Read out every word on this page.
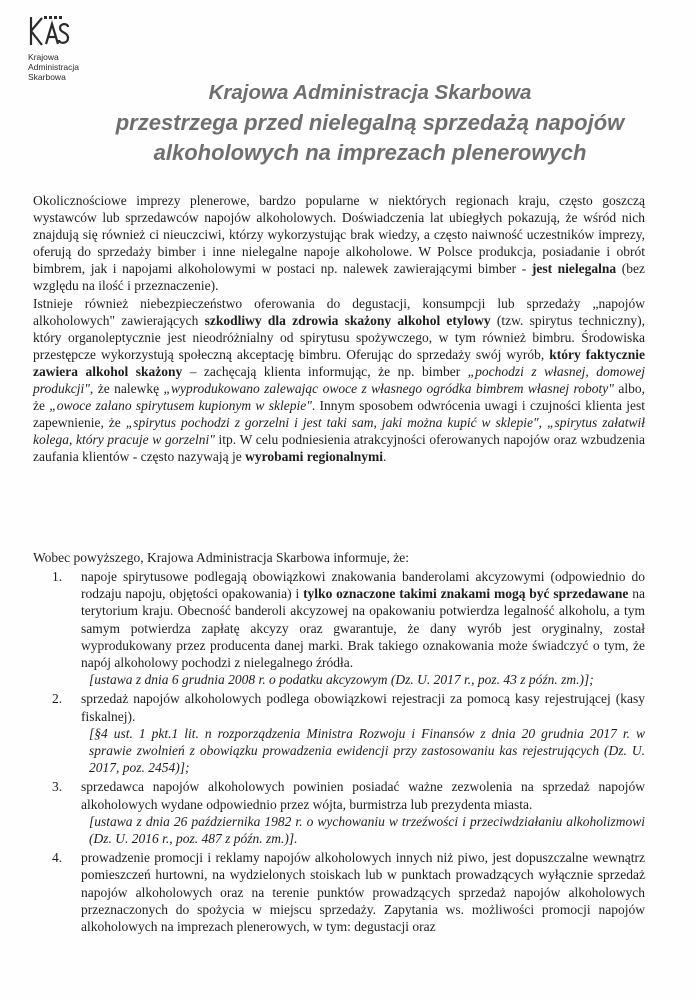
Krajowa Administracja
Skarbowa
Krajowa Administracja Skarbowa
przestrzega przed nielegalną sprzedażą napojów
alkoholowych na imprezach plenerowych

Okolicznościowe imprezy plenerowe, bardzo popularne w niektórych regionach kraju, często goszczą wystawców lub sprzedawców napojów alkoholowych. Doświadczenia lat ubiegłych pokazują, że wśród nich znajdują się również ci nieuczciwi, którzy wykorzystując brak wiedzy, a często naiwność uczestników imprezy, oferują do sprzedaży bimber i inne nielegalne napoje alkoholowe. W Polsce produkcja, posiadanie i obrót bimbrem, jak i napojami alkoholowymi w postaci np. nalewek zawierającymi bimber - jest nielegalna (bez względu na ilość i przeznaczenie).

Istnieje również niebezpieczeństwo oferowania do degustacji, konsumpcji lub sprzedaży „napojów alkoholowych" zawierających szkodliwy dla zdrowia skażony alkohol etylowy (tzw. spirytus techniczny), który organoleptycznie jest nieodróżnialny od spirytusu spożywczego, w tym również bimbru. Środowiska przestępcze wykorzystują społeczną akceptację bimbru. Oferując do sprzedaży swój wyrób, który faktycznie zawiera alkohol skażony – zachęcają klienta informując, że np. bimber „pochodzi z własnej, domowej produkcji", że nalewkę „wyprodukowano zalewając owoce z własnego ogródka bimbrem własnej roboty" albo, że „owoce zalano spirytusem kupionym w sklepie". Innym sposobem odwrócenia uwagi i czujności klienta jest zapewnienie, że „spirytus pochodzi z gorzelni i jest taki sam, jaki można kupić w sklepie", „spirytus załatwił kolega, który pracuje w gorzelni" itp. W celu podniesienia atrakcyjności oferowanych napojów oraz wzbudzenia zaufania klientów - często nazywają je wyrobami regionalnymi.

Wobec powyższego, Krajowa Administracja Skarbowa informuje, że:
1. napoje spirytusowe podlegają obowiązkowi znakowania banderolami akcyzowymi (odpowiednio do rodzaju napoju, objętości opakowania) i tylko oznaczone takimi znakami mogą być sprzedawane na terytorium kraju. Obecność banderoli akcyzowej na opakowaniu potwierdza legalność alkoholu, a tym samym potwierdza zapłatę akcyzy oraz gwarantuje, że dany wyrób jest oryginalny, został wyprodukowany przez producenta danej marki. Brak takiego oznakowania może świadczyć o tym, że napój alkoholowy pochodzi z nielegalnego źródła.
[ustawa z dnia 6 grudnia 2008 r. o podatku akcyzowym (Dz. U. 2017 r., poz. 43 z późn. zm.)];
2. sprzedaż napojów alkoholowych podlega obowiązkowi rejestracji za pomocą kasy rejestrującej (kasy fiskalnej).
[§4 ust. 1 pkt.1 lit. n rozporządzenia Ministra Rozwoju i Finansów z dnia 20 grudnia 2017 r. w sprawie zwolnień z obowiązku prowadzenia ewidencji przy zastosowaniu kas rejestrujących (Dz. U. 2017, poz. 2454)];
3. sprzedawca napojów alkoholowych powinien posiadać ważne zezwolenia na sprzedaż napojów alkoholowych wydane odpowiednio przez wójta, burmistrza lub prezydenta miasta.
[ustawa z dnia 26 października 1982 r. o wychowaniu w trzeźwości i przeciwdziałaniu alkoholizmowi (Dz. U. 2016 r., poz. 487 z późn. zm.)].
4. prowadzenie promocji i reklamy napojów alkoholowych innych niż piwo, jest dopuszczalne wewnątrz pomieszczeń hurtowni, na wydzielonych stoiskach lub w punktach prowadzących wyłącznie sprzedaż napojów alkoholowych oraz na terenie punktów prowadzących sprzedaż napojów alkoholowych przeznaczonych do spożycia w miejscu sprzedaży. Zapytania ws. możliwości promocji napojów alkoholowych na imprezach plenerowych, w tym: degustacji oraz
